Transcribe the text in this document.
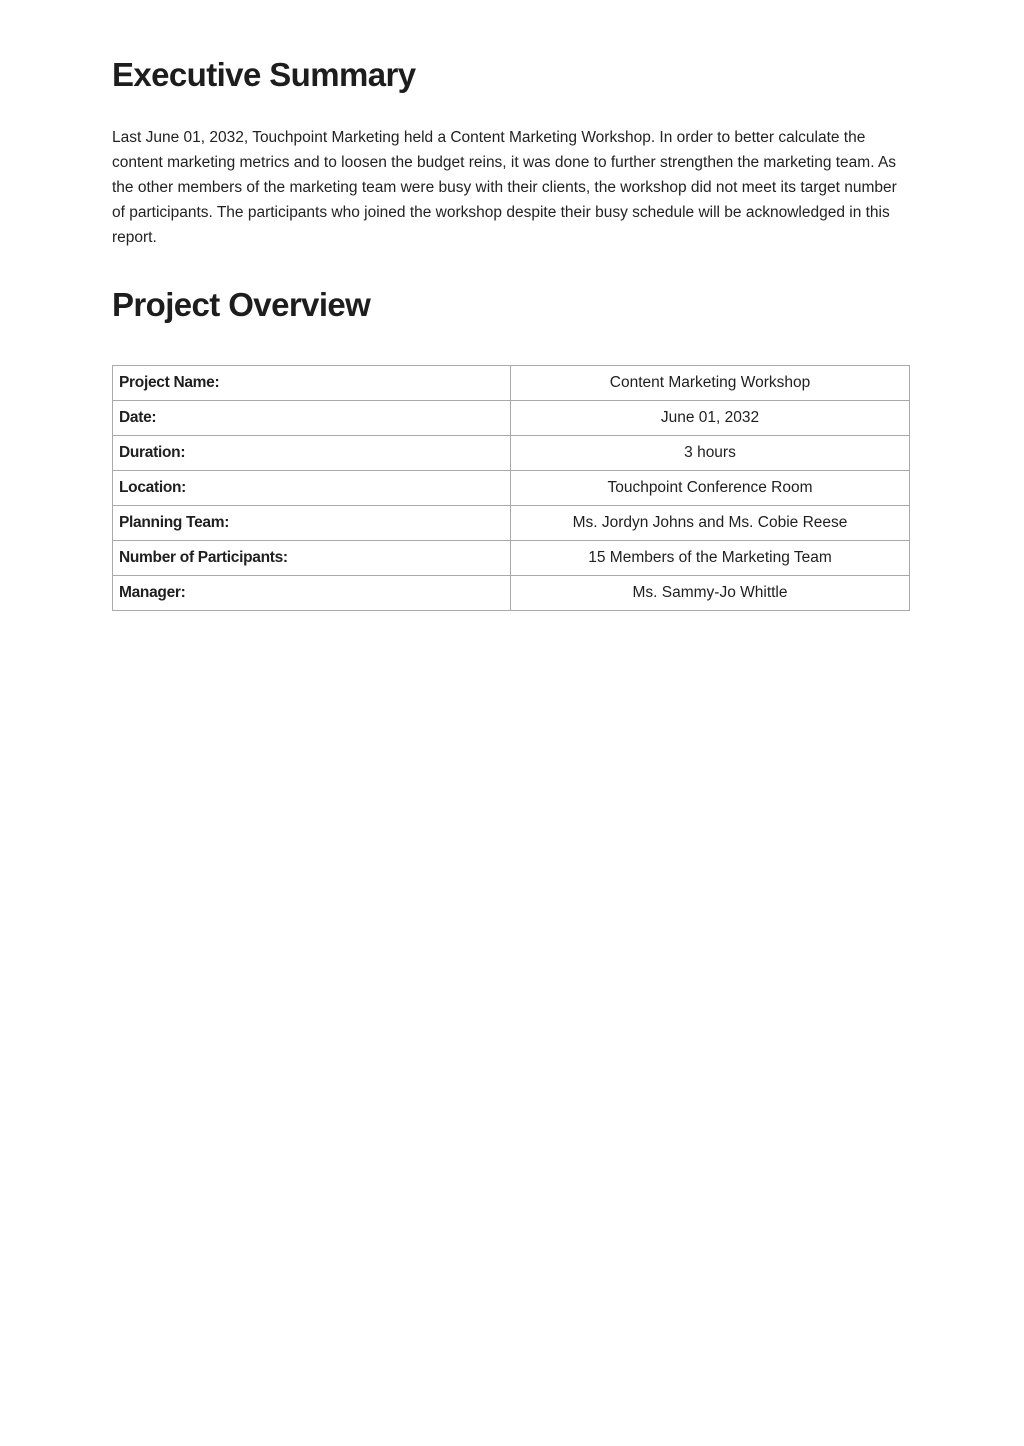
Executive Summary

Last June 01, 2032, Touchpoint Marketing held a Content Marketing Workshop. In order to better calculate the content marketing metrics and to loosen the budget reins, it was done to further strengthen the marketing team. As the other members of the marketing team were busy with their clients, the workshop did not meet its target number of participants. The participants who joined the workshop despite their busy schedule will be acknowledged in this report.

Project Overview
Project Name:	Content Marketing Workshop
Date:	June 01, 2032
Duration:	3 hours
Location:	Touchpoint Conference Room
Planning Team:	Ms. Jordyn Johns and Ms. Cobie Reese
Number of Participants:	15 Members of the Marketing Team
Manager:	Ms. Sammy-Jo Whittle
